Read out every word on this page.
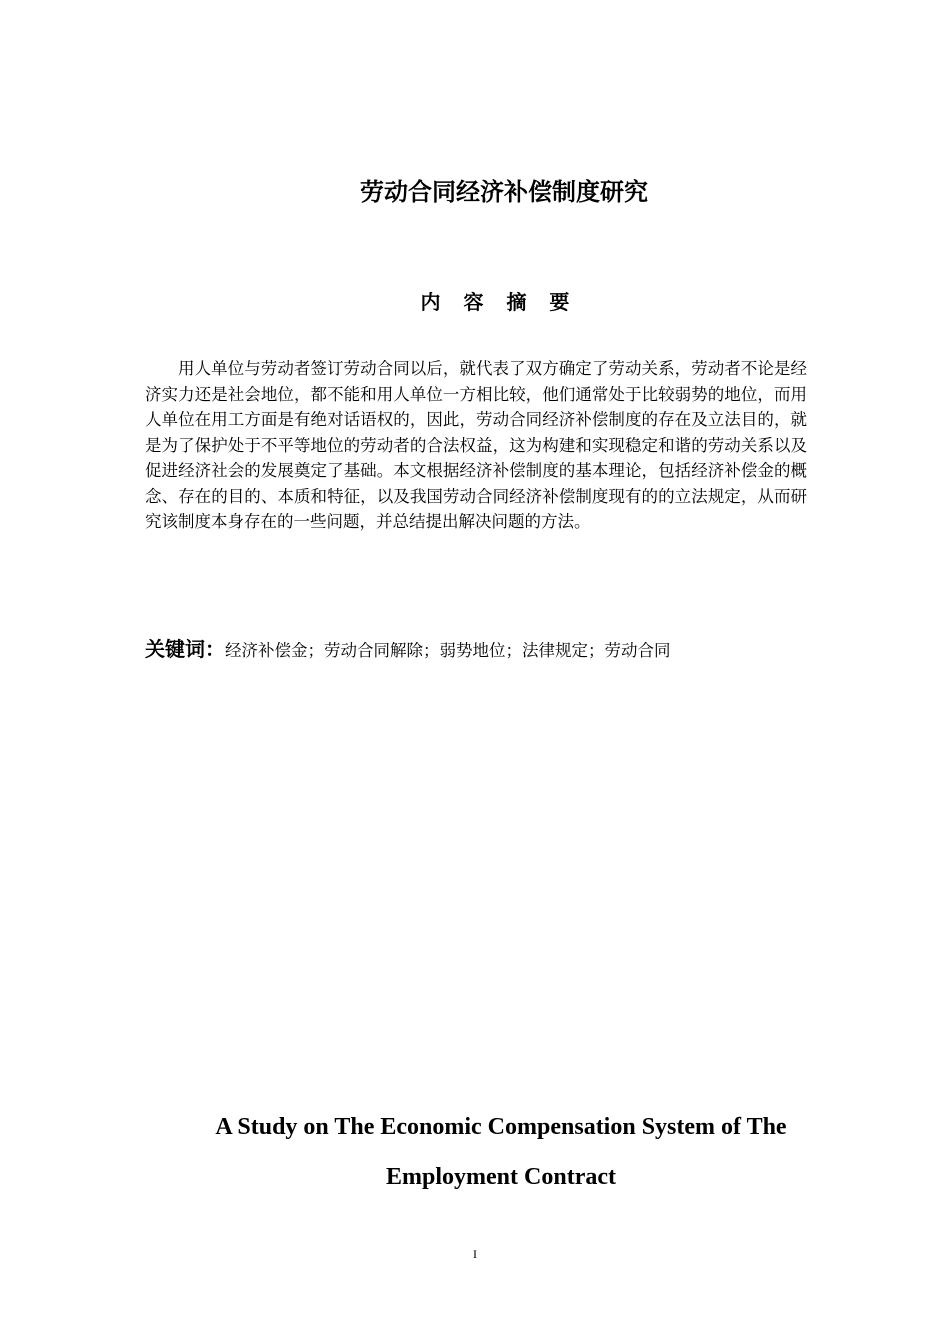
劳动合同经济补偿制度研究
内 容 摘 要

用人单位与劳动者签订劳动合同以后，就代表了双方确定了劳动关系，劳动者不论是经济实力还是社会地位，都不能和用人单位一方相比较，他们通常处于比较弱势的地位，而用人单位在用工方面是有绝对话语权的，因此，劳动合同经济补偿制度的存在及立法目的，就是为了保护处于不平等地位的劳动者的合法权益，这为构建和实现稳定和谐的劳动关系以及促进经济社会的发展奠定了基础。本文根据经济补偿制度的基本理论，包括经济补偿金的概念、存在的目的、本质和特征，以及我国劳动合同经济补偿制度现有的的立法规定，从而研究该制度本身存在的一些问题，并总结提出解决问题的方法。

关键词：经济补偿金；劳动合同解除；弱势地位；法律规定；劳动合同

A Study on The Economic Compensation System of The Employment Contract

I
